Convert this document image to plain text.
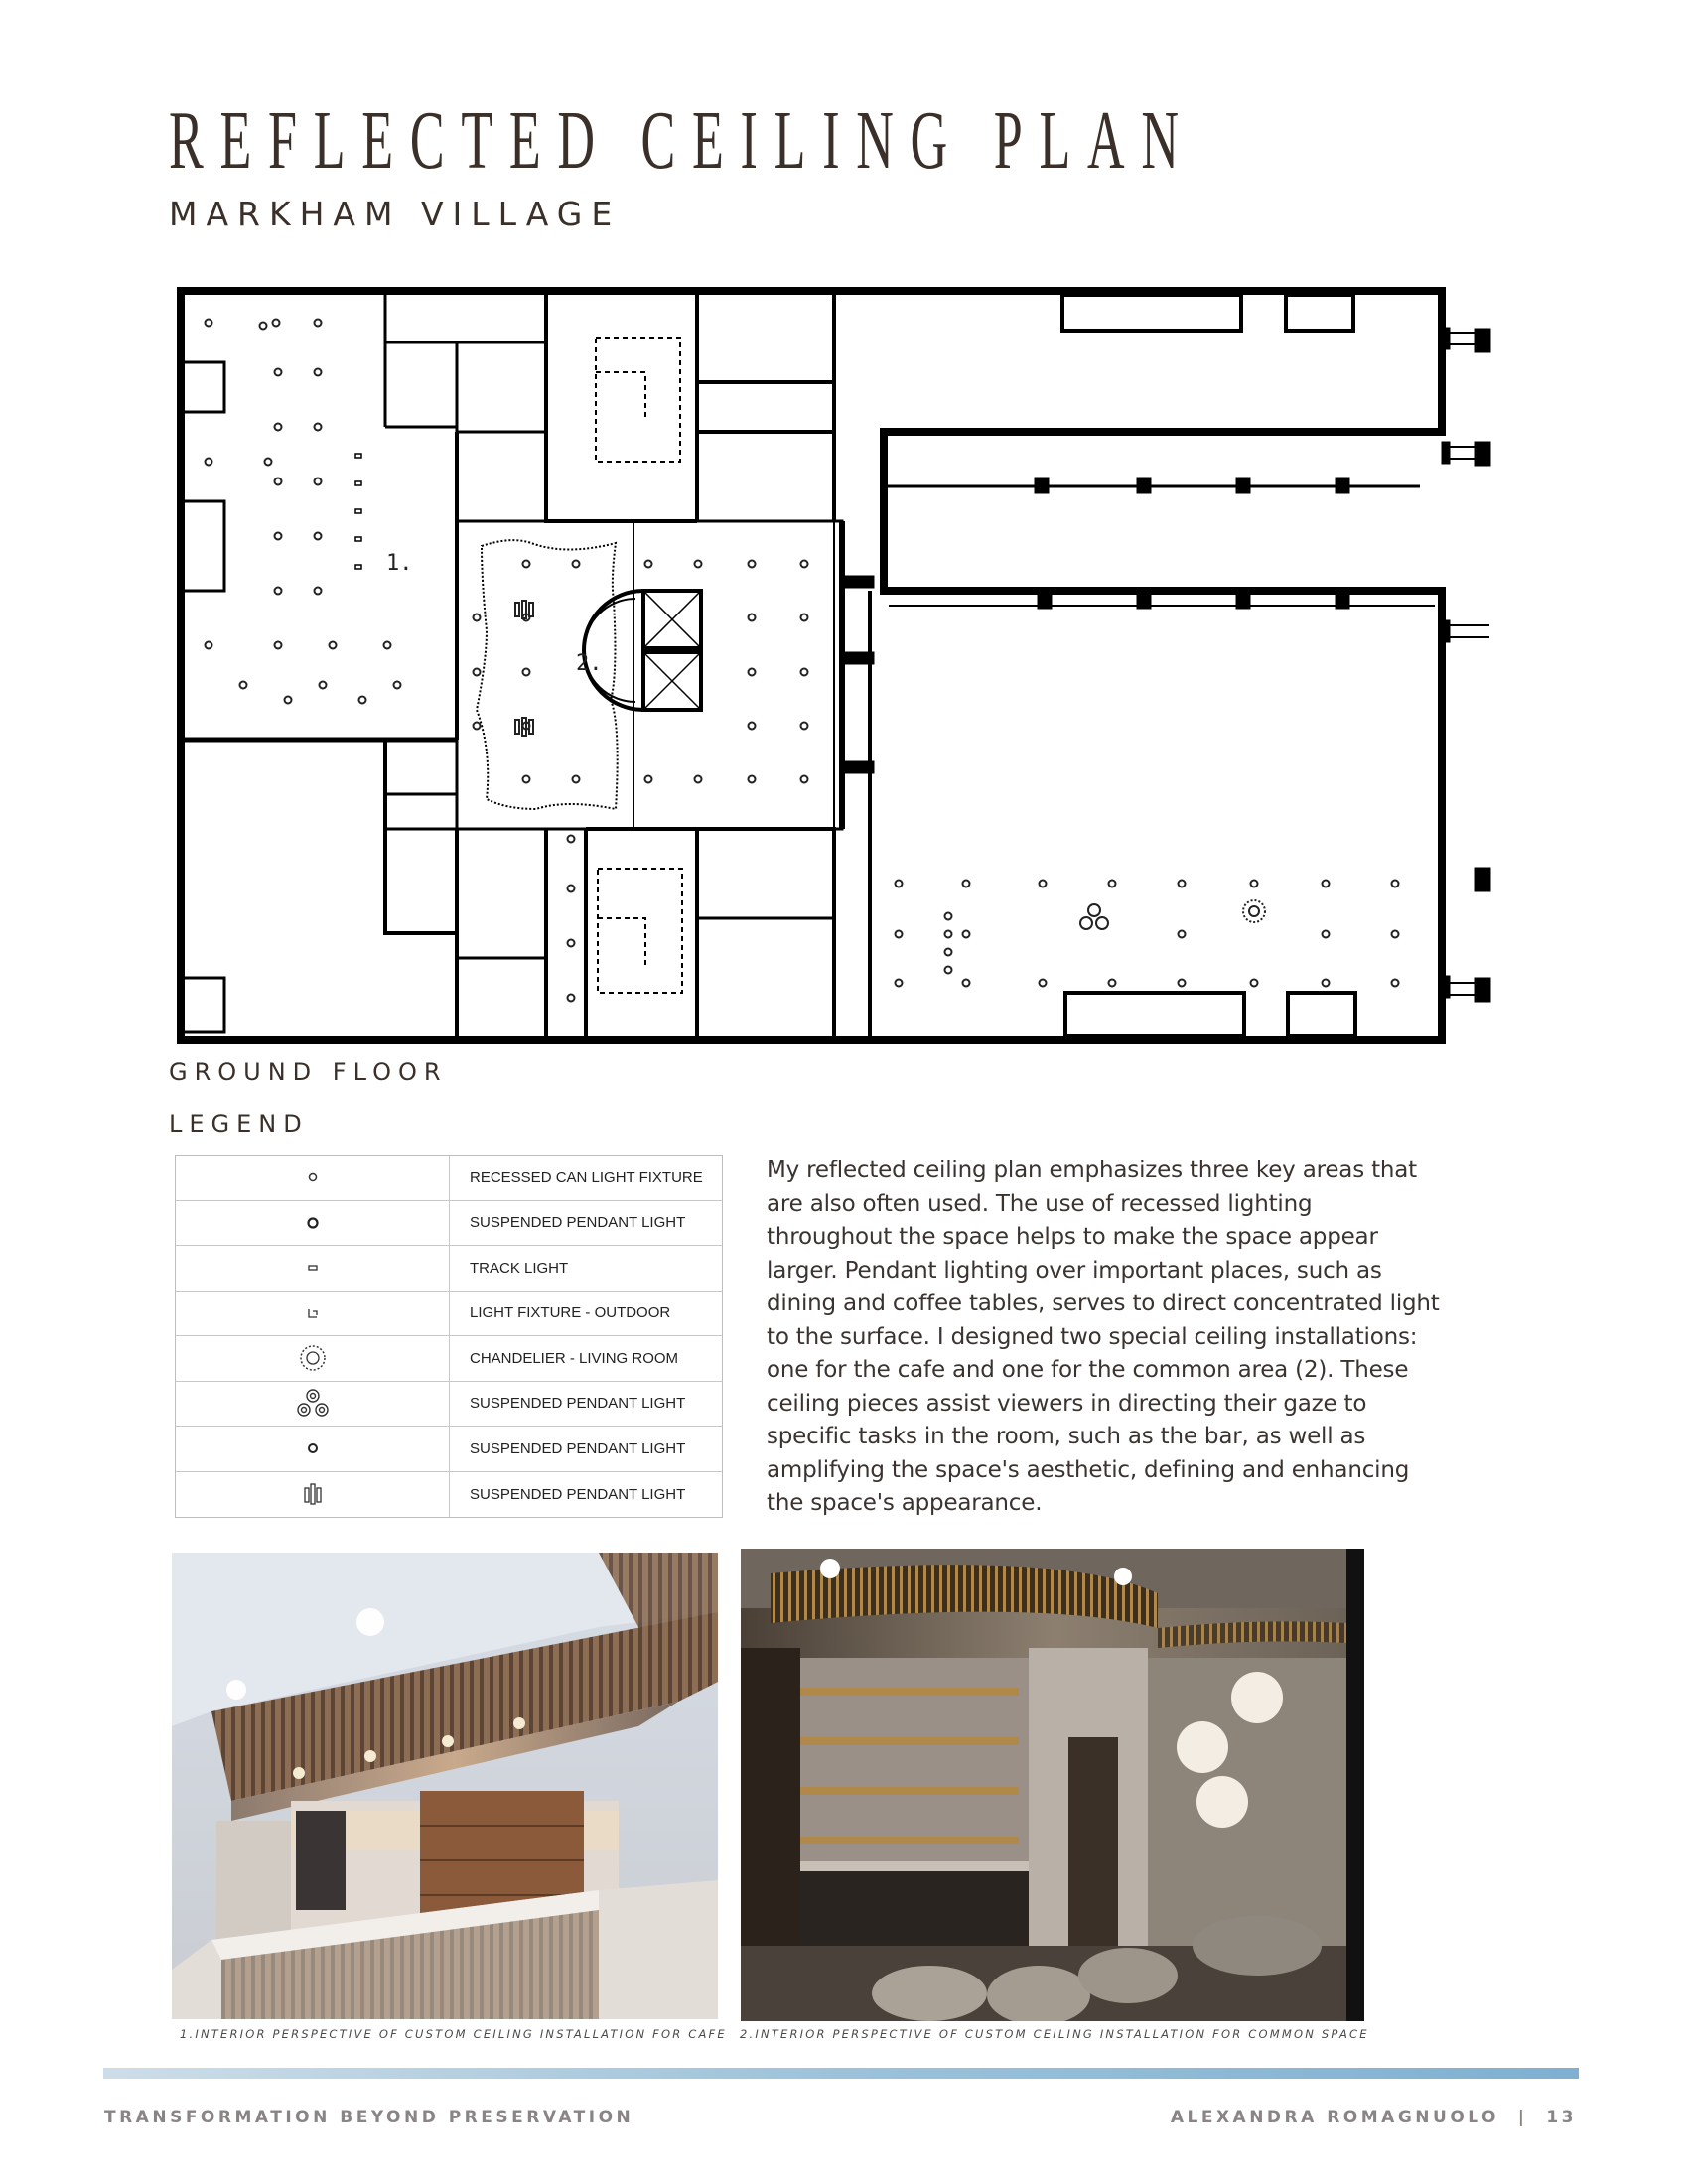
REFLECTED CEILING PLAN
MARKHAM VILLAGE
1.
2.
GROUND FLOOR
LEGEND
RECESSED CAN LIGHT FIXTURE
SUSPENDED PENDANT LIGHT
TRACK LIGHT
LIGHT FIXTURE - OUTDOOR
CHANDELIER - LIVING ROOM
SUSPENDED PENDANT LIGHT
SUSPENDED PENDANT LIGHT
SUSPENDED PENDANT LIGHT

My reflected ceiling plan emphasizes three key areas that are also often used. The use of recessed lighting throughout the space helps to make the space appear larger. Pendant lighting over important places, such as dining and coffee tables, serves to direct concentrated light to the surface. I designed two special ceiling installations: one for the cafe and one for the common area (2). These ceiling pieces assist viewers in directing their gaze to specific tasks in the room, such as the bar, as well as amplifying the space's aesthetic, defining and enhancing the space's appearance.

1.INTERIOR PERSPECTIVE OF CUSTOM CEILING INSTALLATION FOR CAFE 2.INTERIOR PERSPECTIVE OF CUSTOM CEILING INSTALLATION FOR COMMON SPACE
TRANSFORMATION BEYOND PRESERVATION	ALEXANDRA ROMAGNUOLO  |  13
